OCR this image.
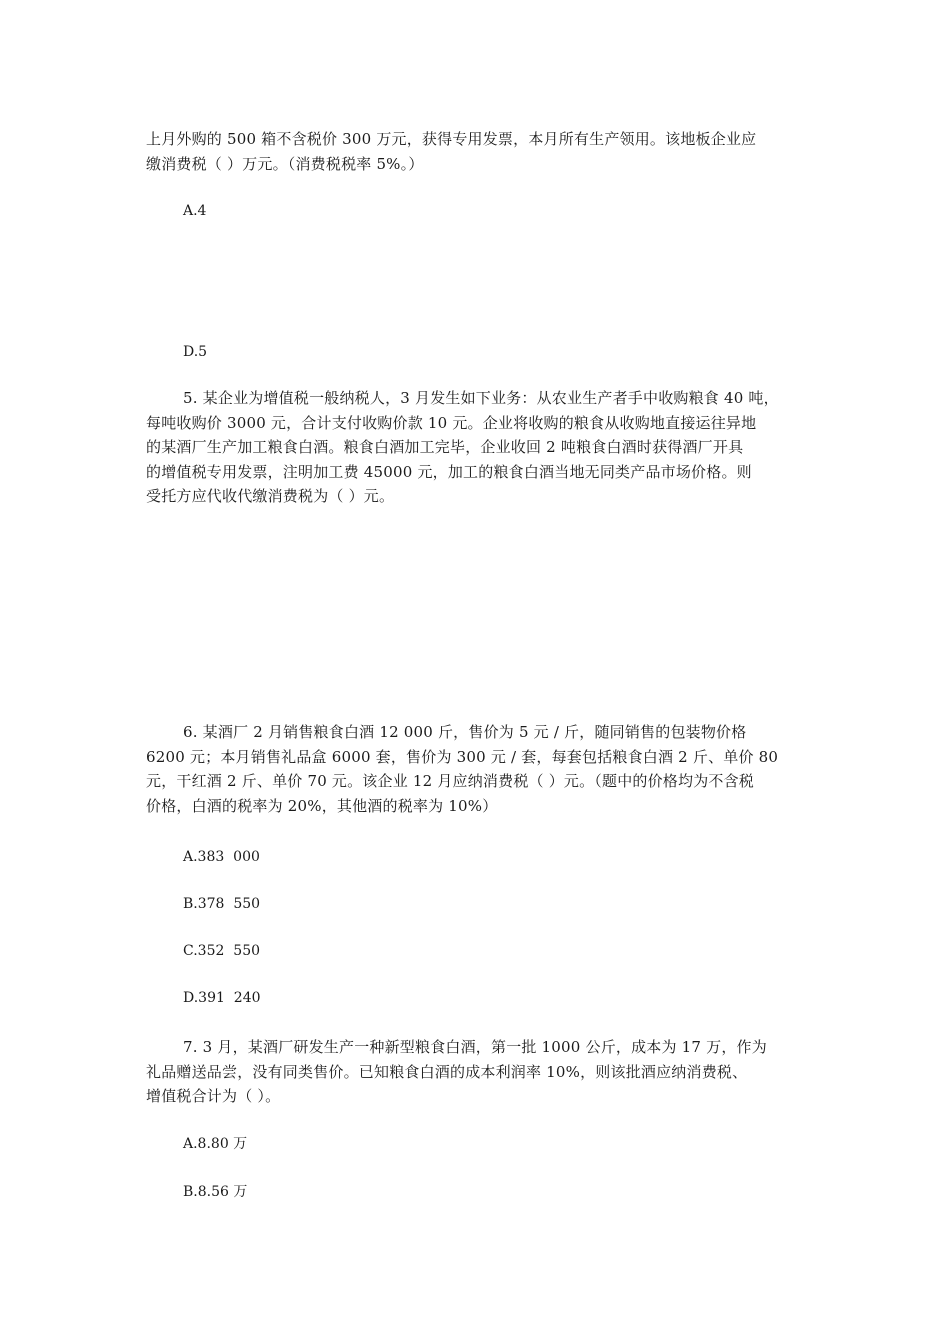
上月外购的 500 箱不含税价 300 万元，获得专用发票，本月所有生产领用。该地板企业应
缴消费税（ ）万元。（消费税税率 5%。）
A.4
D.5
5. 某企业为增值税一般纳税人，3 月发生如下业务：从农业生产者手中收购粮食 40 吨，
每吨收购价 3000 元，合计支付收购价款 10 元。企业将收购的粮食从收购地直接运往异地
的某酒厂生产加工粮食白酒。粮食白酒加工完毕，企业收回 2 吨粮食白酒时获得酒厂开具
的增值税专用发票，注明加工费 45000 元，加工的粮食白酒当地无同类产品市场价格。则
受托方应代收代缴消费税为（ ）元。
6. 某酒厂 2 月销售粮食白酒 12 000 斤，售价为 5 元 / 斤，随同销售的包装物价格
6200 元；本月销售礼品盒 6000 套，售价为 300 元 / 套，每套包括粮食白酒 2 斤、单价 80
元，干红酒 2 斤、单价 70 元。该企业 12 月应纳消费税（ ）元。（题中的价格均为不含税
价格，白酒的税率为 20%，其他酒的税率为 10%）
A.383  000
B.378  550
C.352  550
D.391  240
7. 3 月，某酒厂研发生产一种新型粮食白酒，第一批 1000 公斤，成本为 17 万，作为
礼品赠送品尝，没有同类售价。已知粮食白酒的成本利润率 10%，则该批酒应纳消费税、
增值税合计为（ ）。
A.8.80 万
B.8.56 万
